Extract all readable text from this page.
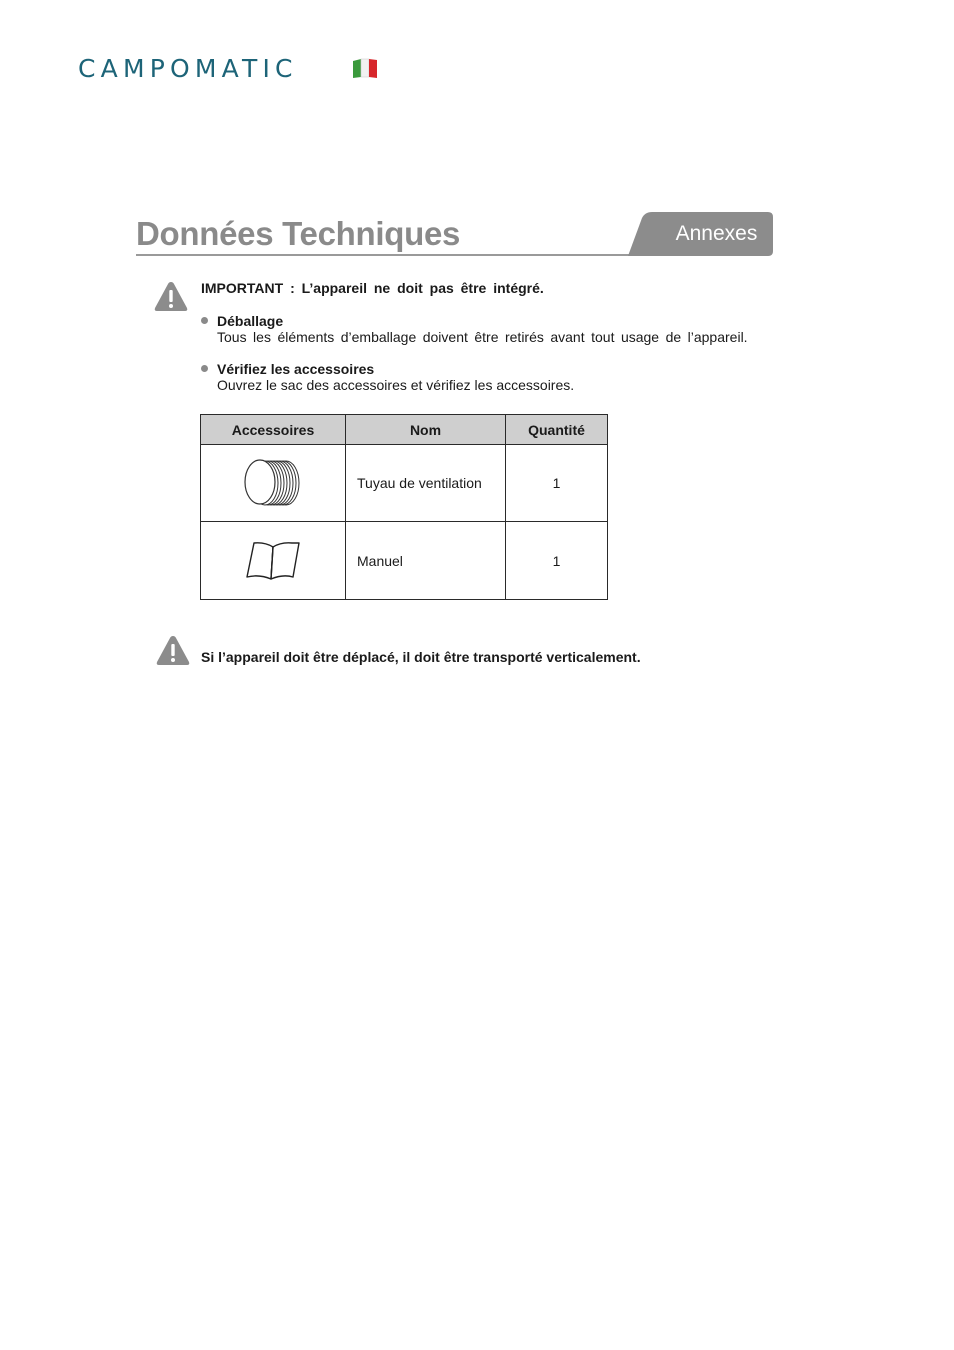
CAMPOMATIC
Données Techniques	Annexes
IMPORTANT : L’appareil ne doit pas être intégré.
Déballage
Tous les éléments d’emballage doivent être retirés avant tout usage de l’appareil.
Vérifiez les accessoires
Ouvrez le sac des accessoires et vérifiez les accessoires.
Accessoires	Nom	Quantité

	Tuyau de ventilation	1

	Manuel	1
Si l’appareil doit être déplacé, il doit être transporté verticalement.
